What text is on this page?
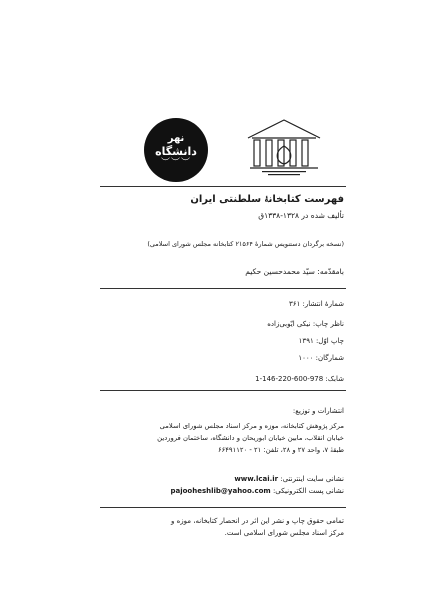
ﻧﻬﺮ
داﻧﺸﮕﺎه
︶︶︶
ﻓﻬﺮﺳﺖ ﮐﺘﺎﺑﺨﺎﻧﮥ ﺳﻠﻄﻨﺘﯽ اﯾﺮان
ﺗﺄﻟﯿﻒ ﺷﺪه در ۱۳۲۸-۱۳۳۸ق
(ﻧﺴﺨﻪ ﺑﺮﮔﺮدان دﺳﺘﻨﻮﯾﺲ ﺷﻤﺎرۀ ۲۱۵۶۴ ﮐﺘﺎﺑﺨﺎﻧﻪ ﻣﺠﻠﺲ ﺷﻮرای اﺳﻼﻣﯽ)
ﺑﺎﻣﻘﺪّﻣﻪ: ﺳﯿّﺪ ﻣﺤﻤﺪﺣﺴﯿﻦ ﺣﮑﯿﻢ
ﺷﻤﺎرۀ اﻧﺘﺸﺎر: ۳۶۱
ﻧﺎﻇﺮ ﭼﺎپ: ﻧﯿﮑﯽ اﯾّﻮﺑﯽزاده
ﭼﺎپ اوّل: ۱۳۹۱
ﺷﻤﺎرﮔﺎن: ۱۰۰۰
ﺷﺎﺑﮏ: 978-600-220-146-1
اﻧﺘﺸﺎرات و ﺗﻮزﯾﻊ:
ﻣﺮﮐﺰ ﭘﮋوﻫﺶ ﮐﺘﺎﺑﺨﺎﻧﻪ، ﻣﻮزه و ﻣﺮﮐﺰ اﺳﻨﺎد ﻣﺠﻠﺲ ﺷﻮرای اﺳﻼﻣﯽ
ﺧﯿﺎﺑﺎن اﻧﻘﻼب، ﻣﺎﺑﯿﻦ ﺧﯿﺎﺑﺎن اﺑﻮرﯾﺤﺎن و داﻧﺸﮕﺎه، ﺳﺎﺧﺘﻤﺎن ﻓﺮوردﯾﻦ
ﻃﺒﻘﮥ ۷، واﺣﺪ ۲۷ و ۲۸، ﺗﻠﻔﻦ: ۲۱ - ۶۶۴۹۱۱۲۰
ﻧﺸﺎﻧﯽ ﺳﺎﯾﺖ اﯾﻨﺘﺮﻧﺘﯽ: www.lcai.ir
ﻧﺸﺎﻧﯽ ﭘﺴﺖ اﻟﮑﺘﺮوﻧﯿﮑﯽ: pajooheshlib@yahoo.com
ﺗﻤﺎﻣﯽ ﺣﻘﻮق ﭼﺎپ و ﻧﺸﺮ اﯾﻦ اﺛﺮ در اﻧﺤﺼﺎر ﮐﺘﺎﺑﺨﺎﻧﻪ، ﻣﻮزه و
ﻣﺮﮐﺰ اﺳﻨﺎد ﻣﺠﻠﺲ ﺷﻮرای اﺳﻼﻣﯽ اﺳﺖ.
